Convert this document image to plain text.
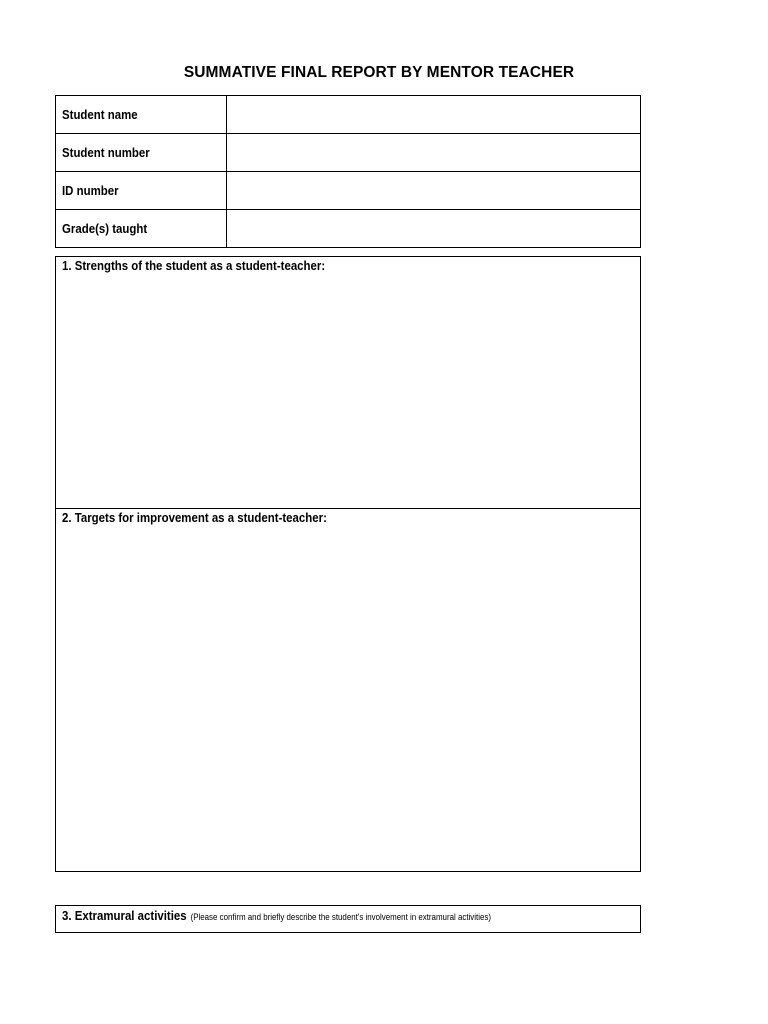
SUMMATIVE FINAL REPORT BY MENTOR TEACHER
Student name	
Student number	
ID number	
Grade(s) taught	
1. Strengths of the student as a student-teacher:
2. Targets for improvement as a student-teacher:
3. Extramural activities (Please confirm and briefly describe the student's involvement in extramural activities)
